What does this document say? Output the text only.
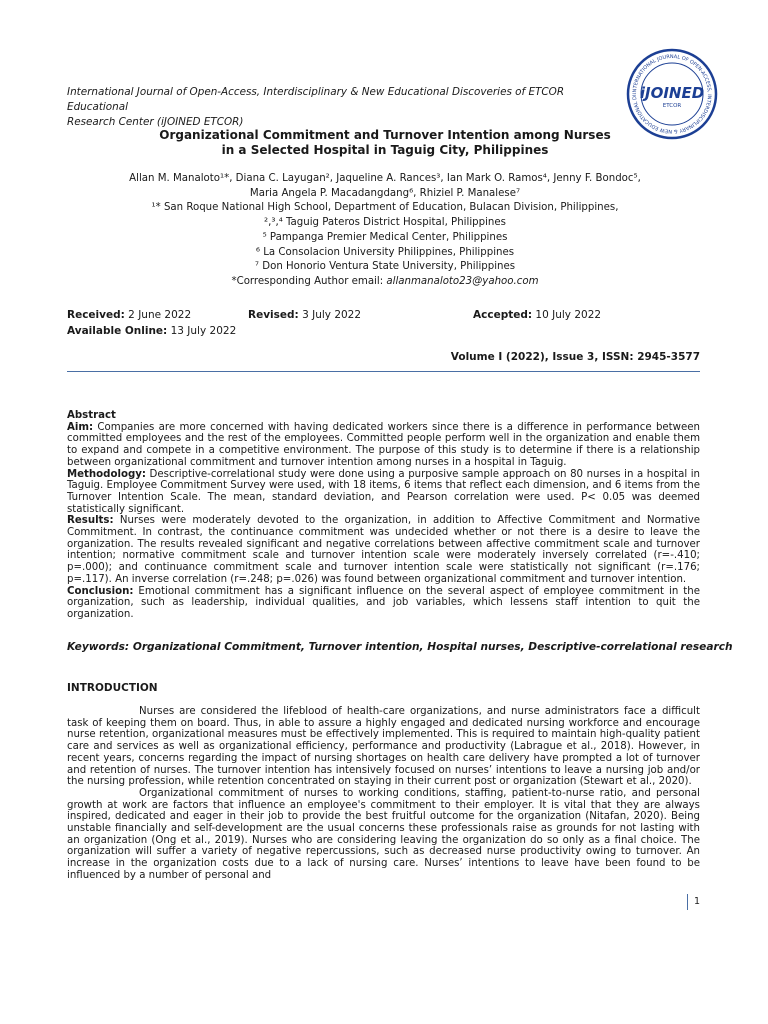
International Journal of Open-Access, Interdisciplinary & New Educational Discoveries of ETCOR Educational
Research Center (iJOINED ETCOR)
INTERNATIONAL JOURNAL OF OPEN-ACCESS, INTERDISCIPLINARY & NEW EDUCATIONAL DI iJOINED
ETCOR
Organizational Commitment and Turnover Intention among Nurses
in a Selected Hospital in Taguig City, Philippines
Allan M. Manaloto¹*, Diana C. Layugan², Jaqueline A. Rances³, Ian Mark O. Ramos⁴, Jenny F. Bondoc⁵,
Maria Angela P. Macadangdang⁶, Rhiziel P. Manalese⁷
¹* San Roque National High School, Department of Education, Bulacan Division, Philippines,
²,³,⁴ Taguig Pateros District Hospital, Philippines
⁵ Pampanga Premier Medical Center, Philippines
⁶ La Consolacion University Philippines, Philippines
⁷ Don Honorio Ventura State University, Philippines
*Corresponding Author email: allanmanaloto23@yahoo.com
Received: 2 June 2022	Revised: 3 July 2022	Accepted: 10 July 2022
Available Online: 13 July 2022
Volume I (2022), Issue 3, ISSN: 2945-3577

Abstract

Aim: Companies are more concerned with having dedicated workers since there is a difference in performance between committed employees and the rest of the employees. Committed people perform well in the organization and enable them to expand and compete in a competitive environment. The purpose of this study is to determine if there is a relationship between organizational commitment and turnover intention among nurses in a hospital in Taguig.

Methodology: Descriptive-correlational study were done using a purposive sample approach on 80 nurses in a hospital in Taguig. Employee Commitment Survey were used, with 18 items, 6 items that reflect each dimension, and 6 items from the Turnover Intention Scale. The mean, standard deviation, and Pearson correlation were used. P< 0.05 was deemed statistically significant.

Results: Nurses were moderately devoted to the organization, in addition to Affective Commitment and Normative Commitment. In contrast, the continuance commitment was undecided whether or not there is a desire to leave the organization. The results revealed significant and negative correlations between affective commitment scale and turnover intention; normative commitment scale and turnover intention scale were moderately inversely correlated (r=-.410; p=.000); and continuance commitment scale and turnover intention scale were statistically not significant (r=.176; p=.117). An inverse correlation (r=.248; p=.026) was found between organizational commitment and turnover intention.

Conclusion: Emotional commitment has a significant influence on the several aspect of employee commitment in the organization, such as leadership, individual qualities, and job variables, which lessens staff intention to quit the organization.

Keywords: Organizational Commitment, Turnover intention, Hospital nurses, Descriptive-correlational research
INTRODUCTION

Nurses are considered the lifeblood of health-care organizations, and nurse administrators face a difficult task of keeping them on board. Thus, in able to assure a highly engaged and dedicated nursing workforce and encourage nurse retention, organizational measures must be effectively implemented. This is required to maintain high-quality patient care and services as well as organizational efficiency, performance and productivity (Labrague et al., 2018). However, in recent years, concerns regarding the impact of nursing shortages on health care delivery have prompted a lot of turnover and retention of nurses. The turnover intention has intensively focused on nurses’ intentions to leave a nursing job and/or the nursing profession, while retention concentrated on staying in their current post or organization (Stewart et al., 2020).

Organizational commitment of nurses to working conditions, staffing, patient-to-nurse ratio, and personal growth at work are factors that influence an employee's commitment to their employer. It is vital that they are always inspired, dedicated and eager in their job to provide the best fruitful outcome for the organization (Nitafan, 2020). Being unstable financially and self-development are the usual concerns these professionals raise as grounds for not lasting with an organization (Ong et al., 2019). Nurses who are considering leaving the organization do so only as a final choice. The organization will suffer a variety of negative repercussions, such as decreased nurse productivity owing to turnover. An increase in the organization costs due to a lack of nursing care. Nurses’ intentions to leave have been found to be influenced by a number of personal and

1
